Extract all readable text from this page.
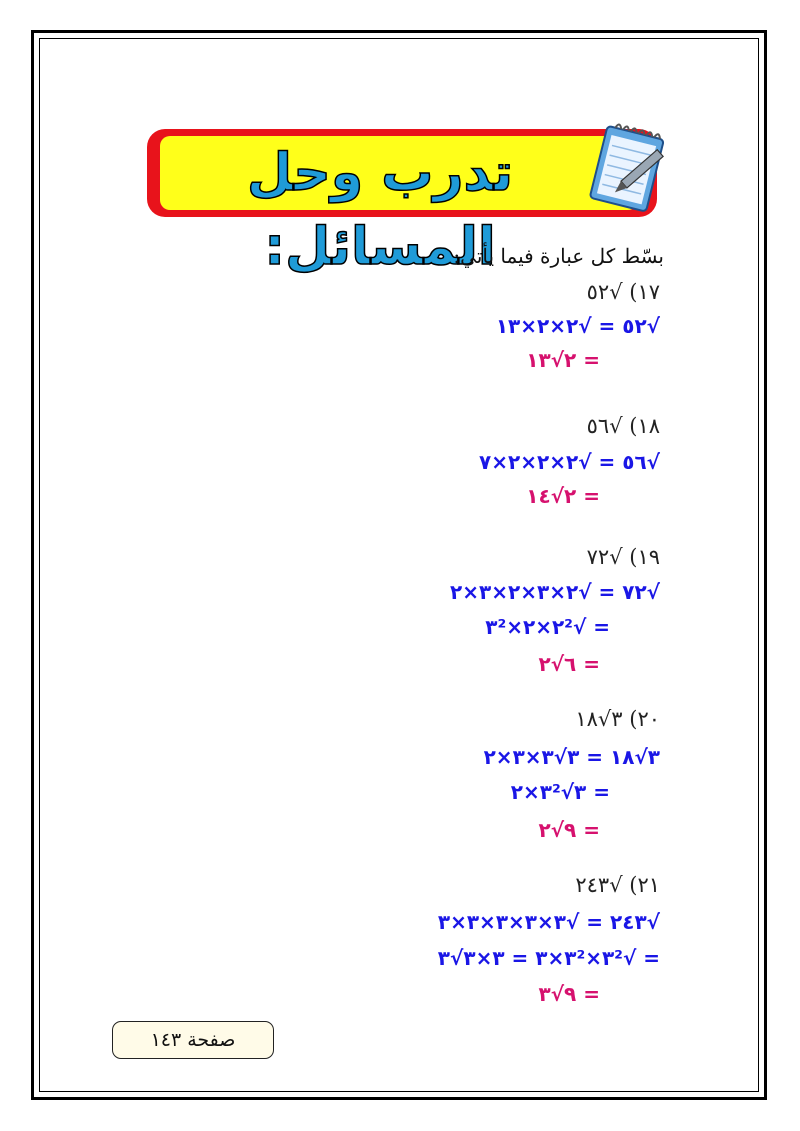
تدرب وحل المسائل:
بسّط كل عبارة فيما يأتي:
١٧) √٥٢
√٥٢ = √٢×٢×١٣
= ٢√١٣
١٨) √٥٦
√٥٦ = √٢×٢×٢×٧
= ٢√١٤
١٩) √٧٢
√٧٢ = √٢×٣×٢×٣×٢
= √٢²×٢×٣²
= ٦√٢
٢٠) ٣√١٨
٣√١٨ = ٣√٣×٣×٢
= ٣√٣²×٢
= ٩√٢
٢١) √٢٤٣
√٢٤٣ = √٣×٣×٣×٣×٣
= √٣²×٣²×٣ = ٣×٣√٣
= ٩√٣
صفحة ١٤٣
